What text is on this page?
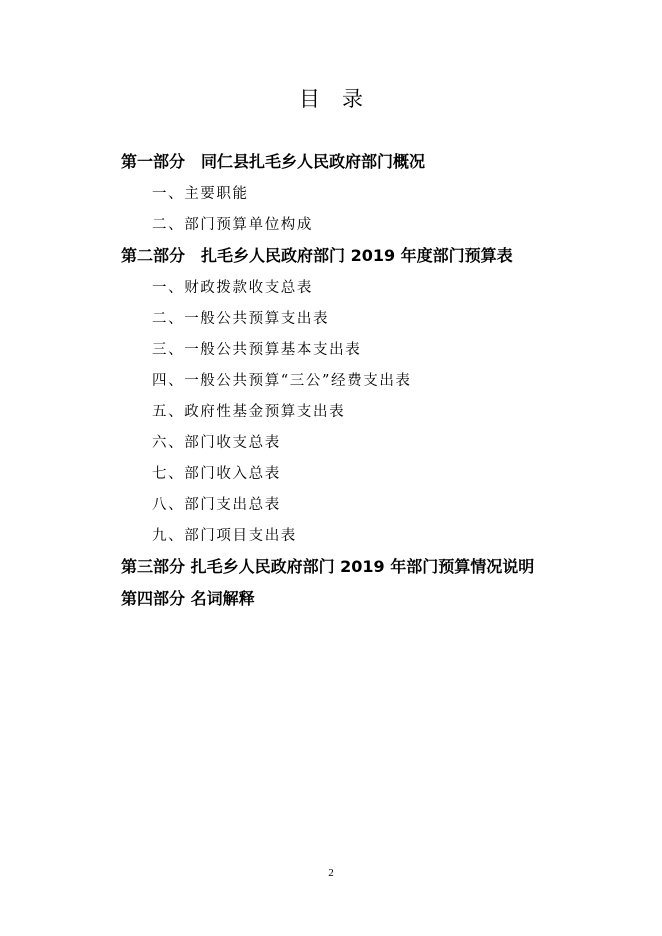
目录
第一部分　同仁县扎毛乡人民政府部门概况
一、主要职能
二、部门预算单位构成
第二部分　扎毛乡人民政府部门 2019 年度部门预算表
一、财政拨款收支总表
二、一般公共预算支出表
三、一般公共预算基本支出表
四、一般公共预算“三公”经费支出表
五、政府性基金预算支出表
六、部门收支总表
七、部门收入总表
八、部门支出总表
九、部门项目支出表
第三部分 扎毛乡人民政府部门 2019 年部门预算情况说明
第四部分 名词解释
2
